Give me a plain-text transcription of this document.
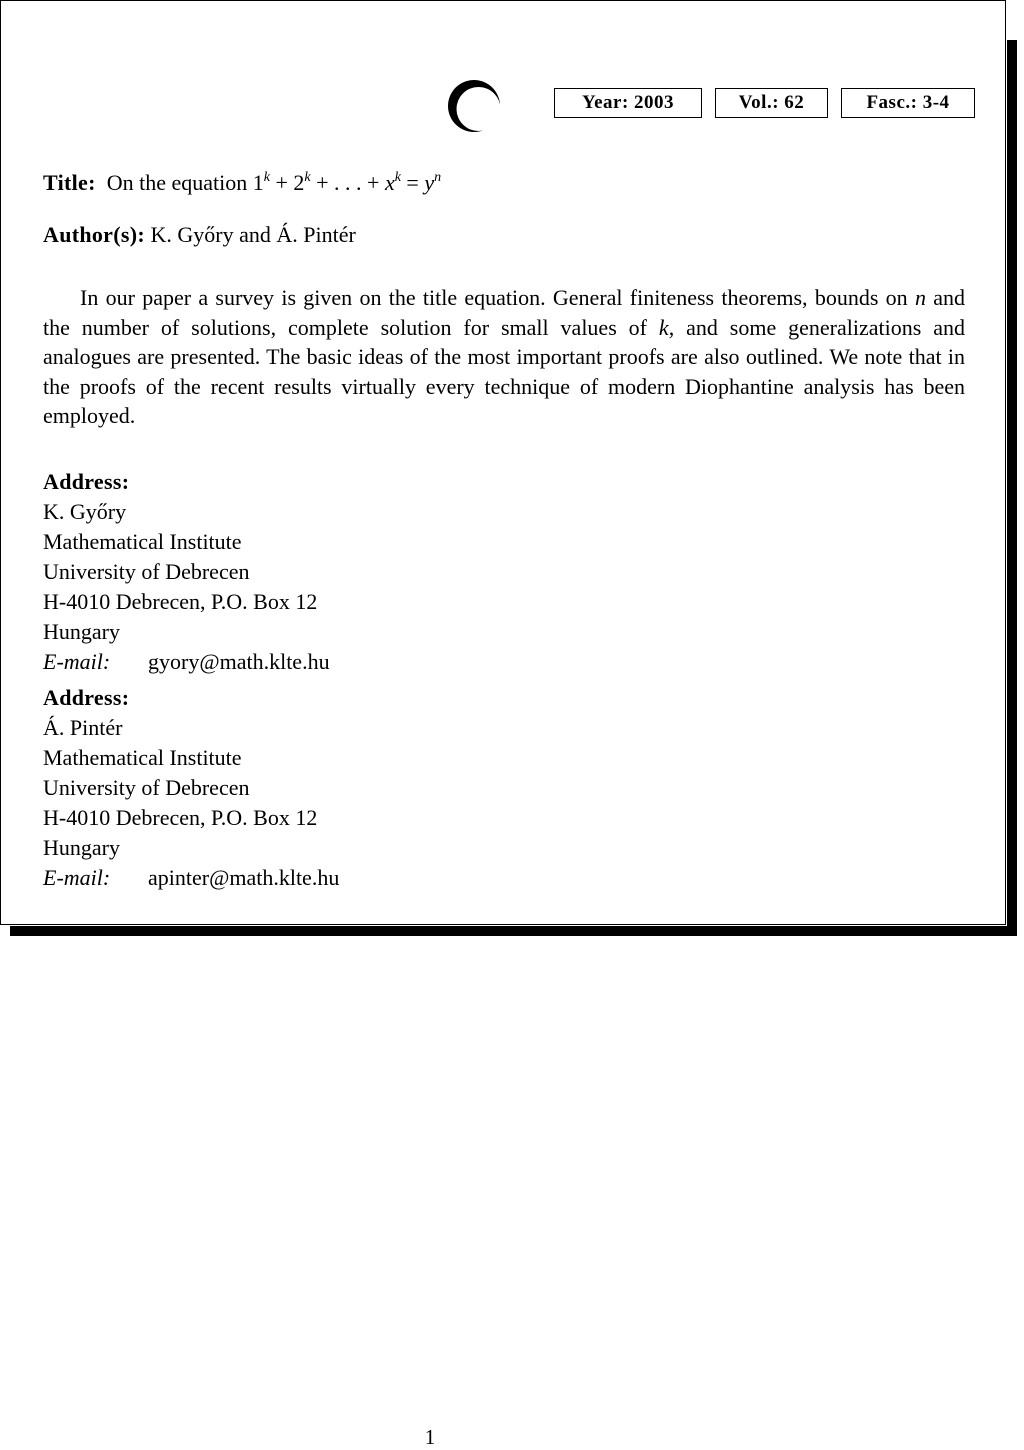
Year: 2003	Vol.: 62	Fasc.: 3-4
Title: On the equation $1^k + 2^k$ + . . . + $x^k = y^n$
Author(s): K. Győry and Á. Pintér

In our paper a survey is given on the title equation. General finiteness theorems, bounds on n and the number of solutions, complete solution for small values of k, and some generalizations and analogues are presented. The basic ideas of the most important proofs are also outlined. We note that in the proofs of the recent results virtually every technique of modern Diophantine analysis has been employed.

Address:
K. Győry
Mathematical Institute
University of Debrecen
H-4010 Debrecen, P.O. Box 12
Hungary
E-mail: gyory@math.klte.hu
Address:
Á. Pintér
Mathematical Institute
University of Debrecen
H-4010 Debrecen, P.O. Box 12
Hungary
E-mail: apinter@math.klte.hu
1
